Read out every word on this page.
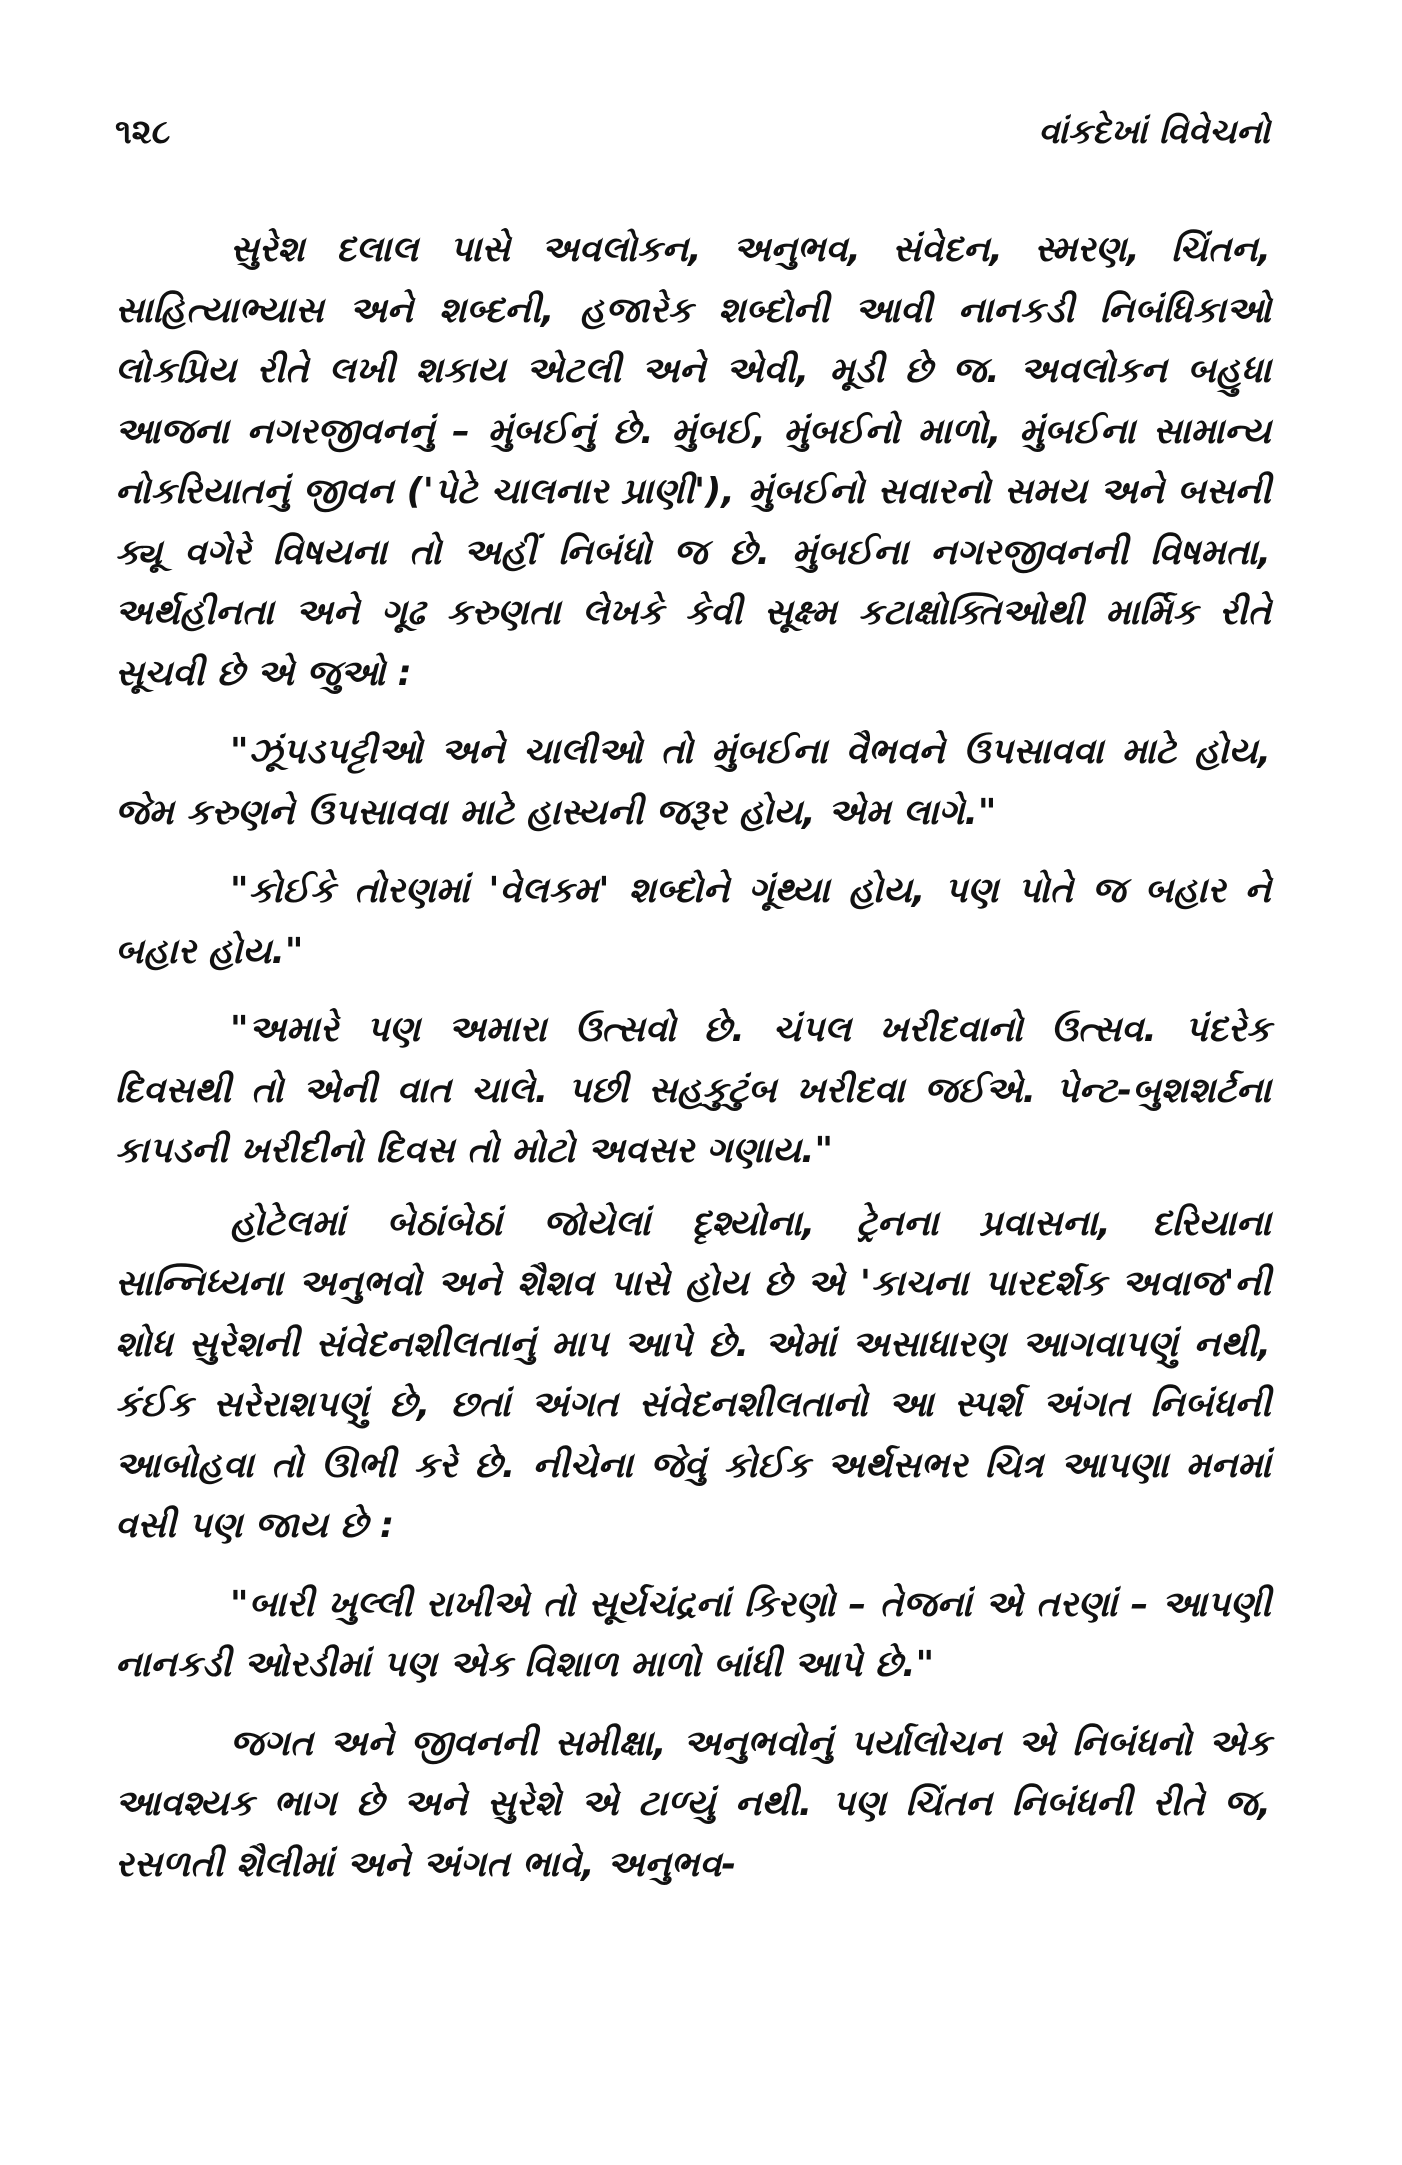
૧૨૮	વાંકદેખાં વિવેચનો

સુરેશ દલાલ પાસે અવલોકન, અનુભવ, સંવેદન, સ્મરણ, ચિંતન, સાહિત્યાભ્યાસ અને શબ્દની, હજારેક શબ્દોની આવી નાનકડી નિબંધિકાઓ લોકપ્રિય રીતે લખી શકાય એટલી અને એવી, મૂડી છે જ. અવલોકન બહુધા આજના નગરજીવનનું – મુંબઈનું છે. મુંબઈ, મુંબઈનો માળો, મુંબઈના સામાન્ય નોકરિયાતનું જીવન ('પેટે ચાલનાર પ્રાણી'), મુંબઈનો સવારનો સમય અને બસની ક્યૂ વગેરે વિષયના તો અહીં નિબંધો જ છે. મુંબઈના નગરજીવનની વિષમતા, અર્થહીનતા અને ગૂઢ કરુણતા લેખકે કેવી સૂક્ષ્મ કટાક્ષોક્તિઓથી માર્મિક રીતે સૂચવી છે એ જુઓ :

"ઝૂંપડપટ્ટીઓ અને ચાલીઓ તો મુંબઈના વૈભવને ઉપસાવવા માટે હોય, જેમ કરુણને ઉપસાવવા માટે હાસ્યની જરૂર હોય, એમ લાગે."

"કોઈકે તોરણમાં 'વેલકમ' શબ્દોને ગૂંથ્યા હોય, પણ પોતે જ બહાર ને બહાર હોય."

"અમારે પણ અમારા ઉત્સવો છે. ચંપલ ખરીદવાનો ઉત્સવ. પંદરેક દિવસથી તો એની વાત ચાલે. પછી સહકુટુંબ ખરીદવા જઈએ. પેન્ટ-બુશશર્ટના કાપડની ખરીદીનો દિવસ તો મોટો અવસર ગણાય."

હોટેલમાં બેઠાંબેઠાં જોયેલાં દૃશ્યોના, ટ્રેનના પ્રવાસના, દરિયાના સાન્નિધ્યના અનુભવો અને શૈશવ પાસે હોય છે એ 'કાચના પારદર્શક અવાજ'ની શોધ સુરેશની સંવેદનશીલતાનું માપ આપે છે. એમાં અસાધારણ આગવાપણું નથી, કંઈક સરેરાશપણું છે, છતાં અંગત સંવેદનશીલતાનો આ સ્પર્શ અંગત નિબંધની આબોહવા તો ઊભી કરે છે. નીચેના જેવું કોઈક અર્થસભર ચિત્ર આપણા મનમાં વસી પણ જાય છે :

"બારી ખુલ્લી રાખીએ તો સૂર્યચંદ્રનાં કિરણો – તેજનાં એ તરણાં – આપણી નાનકડી ઓરડીમાં પણ એક વિશાળ માળો બાંધી આપે છે."

જગત અને જીવનની સમીક્ષા, અનુભવોનું પર્યાલોચન એ નિબંધનો એક આવશ્યક ભાગ છે અને સુરેશે એ ટાળ્યું નથી. પણ ચિંતન નિબંધની રીતે જ, રસળતી શૈલીમાં અને અંગત ભાવે, અનુભવ-
